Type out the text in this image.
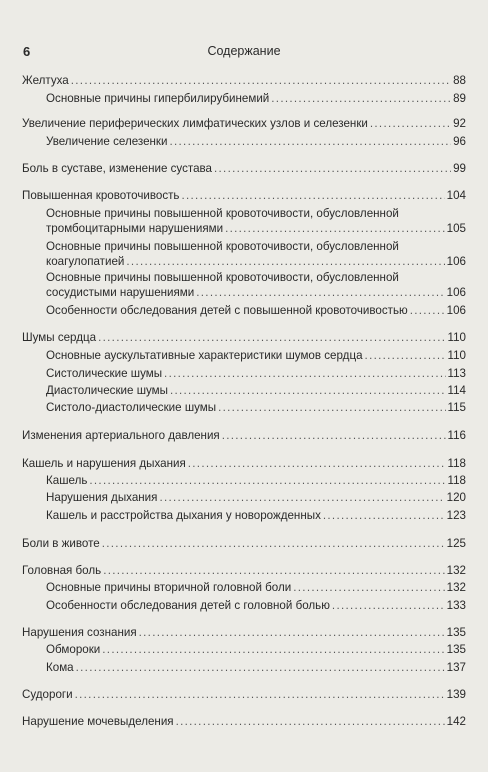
6	Содержание
Желтуха .....	88
Основные причины гипербилирубинемий .....	89
Увеличение периферических лимфатических узлов и селезенки .....	92
Увеличение селезенки .....	96
Боль в суставе, изменение сустава .....	99
Повышенная кровоточивость .....	104
Основные причины повышенной кровоточивости, обусловленной
тромбоцитарными нарушениями .....	105
Основные причины повышенной кровоточивости, обусловленной
коагулопатией .....	106
Основные причины повышенной кровоточивости, обусловленной
сосудистыми нарушениями .....	106
Особенности обследования детей с повышенной кровоточивостью .....	106
Шумы сердца .....	110
Основные аускультативные характеристики шумов сердца .....	110
Систолические шумы .....	113
Диастолические шумы .....	114
Систоло-диастолические шумы .....	115
Изменения артериального давления .....	116
Кашель и нарушения дыхания .....	118
Кашель .....	118
Нарушения дыхания .....	120
Кашель и расстройства дыхания у новорожденных .....	123
Боли в животе .....	125
Головная боль .....	132
Основные причины вторичной головной боли .....	132
Особенности обследования детей с головной болью .....	133
Нарушения сознания .....	135
Обмороки .....	135
Кома .....	137
Судороги .....	139
Нарушение мочевыделения .....	142
